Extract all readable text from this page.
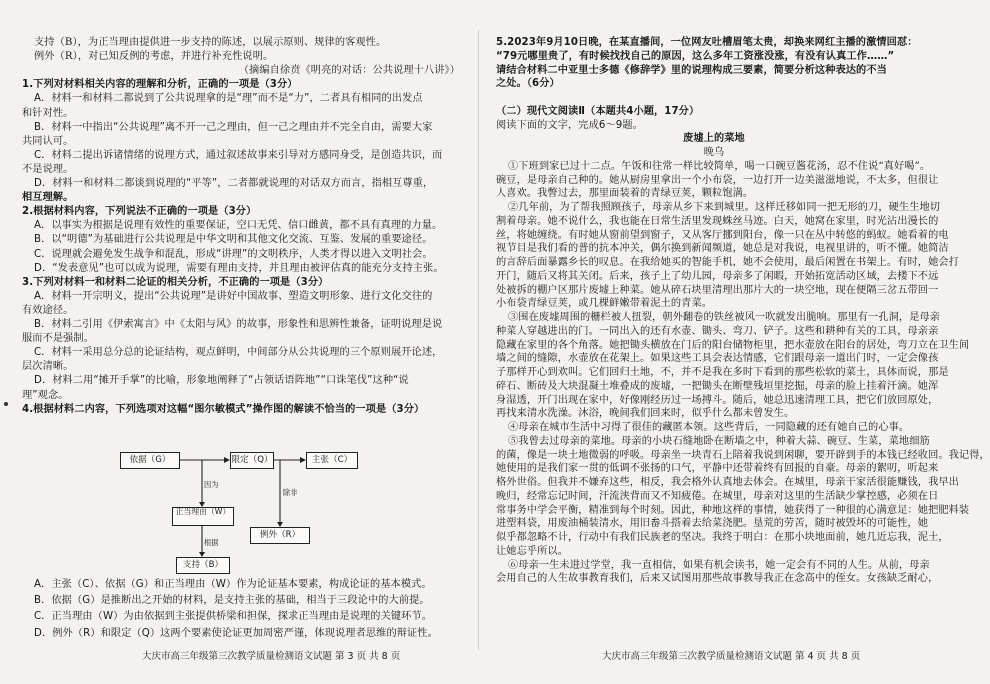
支持（B），为正当理由提供进一步支持的陈述，以展示原则、规律的客观性。
例外（R），对已知反例的考虑，并进行补充性说明。
（摘编自徐贲《明亮的对话：公共说理十八讲》）
1.下列对材料相关内容的理解和分析，正确的一项是（3分）
A．材料一和材料二都说到了公共说理拿的是“理”而不是“力”，二者具有相同的出发点
和针对性。
B．材料一中指出“公共说理”离不开一己之理由，但一己之理由并不完全自由，需要大家
共同认可。
C．材料二提出诉诸情绪的说理方式，通过叙述故事来引导对方感同身受，是创造共识，而
不是说理。
D．材料一和材料二都谈到说理的“平等”，二者都就说理的对话双方而言，指相互尊重，
相互理解。
2.根据材料内容，下列说法不正确的一项是（3分）
A．以事实为根据是说理有效性的重要保证，空口无凭、信口雌黄，都不具有真理的力量。
B．以“明德”为基础进行公共说理是中华文明和其他文化交流、互鉴、发展的重要途径。
C．说理就会避免发生战争和混乱，形成“讲理”的文明秩序，人类才得以进入文明社会。
D．“发表意见”也可以成为说理，需要有理由支持，并且理由被评估真的能充分支持主张。
3.下列对材料一和材料二论证的相关分析，不正确的一项是（3分）
A．材料一开宗明义，提出“公共说理”是讲好中国故事、塑造文明形象、进行文化交往的
有效途径。
B．材料二引用《伊索寓言》中《太阳与风》的故事，形象性和思辨性兼备，证明说理是说
服而不是强制。
C．材料一采用总分总的论证结构，观点鲜明，中间部分从公共说理的三个原则展开论述，
层次清晰。
D．材料二用“摊开手掌”的比喻，形象地阐释了“占领话语阵地”“口诛笔伐”这种“说
理”观念。
4.根据材料二内容，下列选项对这幅“图尔敏模式”操作图的解读不恰当的一项是（3分）
A．主张（C）、依据（G）和正当理由（W）作为论证基本要素，构成论证的基本模式。
B．依据（G）是推断出之开始的材料，是支持主张的基础，相当于三段论中的大前提。
C．正当理由（W）为由依据到主张提供桥梁和担保，探求正当理由是说理的关键环节。
D．例外（R）和限定（Q）这两个要素使论证更加周密严谨，体现说理者思维的辩证性。
依据（G）	限定（Q）	主张（C）
因为
正当理由（W）
根据
除非
例外（R）
支持（B）
5.2023年9月10日晚，在某直播间，一位网友吐槽眉笔太贵，却换来网红主播的激情回怼：
“79元哪里贵了，有时候找找自己的原因，这么多年工资涨没涨，有没有认真工作……”
请结合材料二中亚里士多德《修辞学》里的说理构成三要素，简要分析这种表达的不当
之处。（6分）
（二）现代文阅读Ⅱ（本题共4小题，17分）
阅读下面的文字，完成6～9题。
废墟上的菜地
晚乌
①下班到家已过十二点。午饭和往常一样比较简单，喝一口碗豆酱花汤，忍不住说“真好喝”。
碗豆，是母亲自己种的。她从厨房里拿出一个小布袋，一边打开一边美滋滋地说，不太多，但很让
人喜欢。我瞥过去，那里面装着的青绿豆荚，颗粒饱满。
②几年前，为了帮我照顾孩子，母亲从乡下来到城里。这样迁移如同一把无形的刀，硬生生地切
割着母亲。她不说什么，我也能在日常生活里发现蛛丝马迹。白天，她窝在家里，时光沾出漫长的
丝，将她缠绕。有时她从窗前望到窗子，又从客厅挪到阳台，像一只在丛中转悠的蚂蚁。她看着的电
视节目是我们看的普的抗本冲关，偶尔换到新闻频道，她总是对我说，电视里讲的，听不懂。她简洁
的言辞后面暴露乡长的叹息。在我给她买的智能手机，她不会使用，最后闲置在书架上。有时，她会打
开门，随后又将其关闭。后来，孩子上了幼儿园，母亲多了闲暇，开始拓宽活动区域，去楼下不远
处被拆的棚户区那片废墟上种菜。她从碎石块里清理出那片大的一块空地，现在便隔三岔五带回一
小布袋青绿豆荚，或几棵鲜嫩带着泥土的青菜。
③围在废墟周围的栅栏被人扭裂，朝外翻卷的铁丝被风一吹就发出脆响。那里有一孔洞，是母亲
种菜人穿越进出的门。一同出入的还有水壶、锄头、弯刀、铲子。这些和耕种有关的工具，母亲亲
隐藏在家里的各个角落。她把锄头横放在门后的阳台储物柜里，把水壶放在阳台的居处，弯刀立在卫生间
墙之间的缝隙，水壶放在花架上。如果这些工具会表达情感，它们跟母亲一道出门时，一定会像孩
子那样开心到欢叫。它们回归土地，不，并不是我在多时下看到的那些松软的菜土，具体而说，那是
碎石、断砖及大块混凝土堆叠成的废墟，一把锄头在断壁残垣里挖掘，母亲的脸上挂着汗滴。她浑
身湿透，开门出现在家中，好像刚经历过一场搏斗。随后，她总迅速清理工具，把它们放回原处，
再找来清水洗澡。沐浴，晚间我们回来时，似乎什么都未曾发生。
④母亲在城市生活中习得了很佳的藏匿本领。这些背后，一同隐藏的还有她自己的心事。
⑤我曾去过母亲的菜地。母亲的小块石缝地卧在断墙之中，种着大蒜、碗豆、生菜，菜地细筋
的菌，像是一块土地微弱的呼吸。母亲坐一块青石上陪着我说到闲聊，要开辟到手的本钱已经收回。我记得，
她使用的是我们家一贯的低调不张扬的口气，平静中还带着终有回报的自豪。母亲的絮叨，听起来
格外世俗。但我并不嫌弃这些，相反，我会格外认真地去体会。在城里，母亲干家活很能赚钱，我早出
晚归，经常忘记时间，汗流浃背而又不知疲倦。在城里，母亲对这里的生活缺少掌控感，必须在日
常事务中学会平衡，精准到每个时刻。因此，种地这样的事情，她获得了一种很的心满意足：她把肥料装
进塑料袋，用废油桶装清水，用旧畚斗搭着去给菜浇肥。垦荒的劳苦，随时被毁坏的可能性，她
似乎都忽略不计，行动中有我们民族老的坚决。我终于明白：在那小块地面前，她几近忘我，泥土，
让她忘乎所以。
⑥母亲一生未进过学堂，我一直相信，如果有机会读书，她一定会有不同的人生。从前，母亲
会用自己的人生故事教育我们，后来又试图用那些故事教导我正在念高中的侄女。女孩缺乏耐心，
大庆市高三年级第三次教学质量检测语文试题 第 3 页 共 8 页	大庆市高三年级第三次教学质量检测语文试题 第 4 页 共 8 页
